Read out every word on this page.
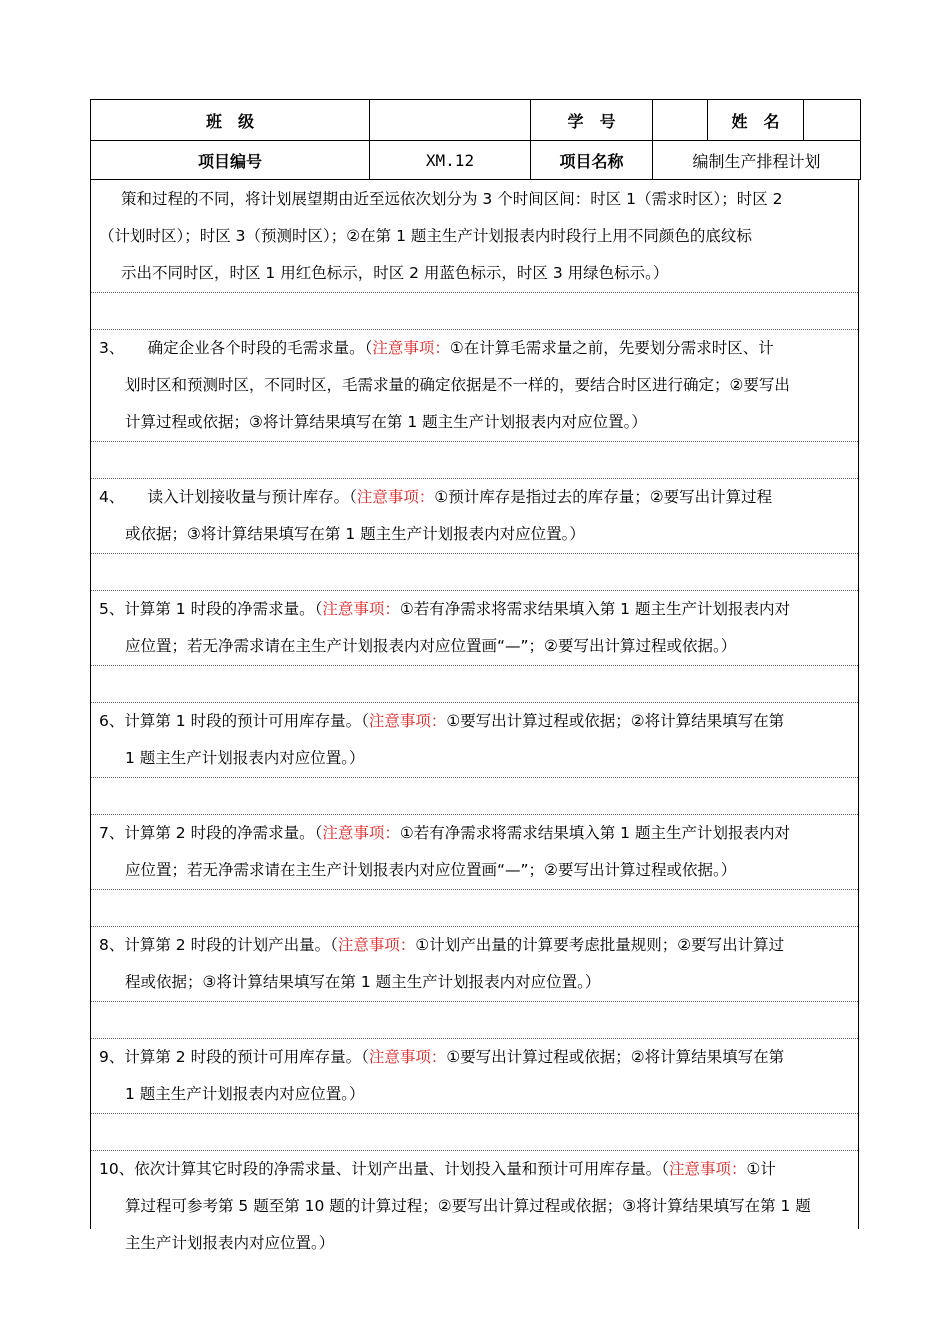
班　级		学　号		姓　名	
项目编号	XM.12	项目名称	编制生产排程计划		
策和过程的不同，将计划展望期由近至远依次划分为 3 个时间区间：时区 1（需求时区）；时区 2
（计划时区）；时区 3（预测时区）；②在第 1 题主生产计划报表内时段行上用不同颜色的底纹标
示出不同时区，时区 1 用红色标示，时区 2 用蓝色标示，时区 3 用绿色标示。）
3、　　确定企业各个时段的毛需求量。（注意事项：①在计算毛需求量之前，先要划分需求时区、计
划时区和预测时区，不同时区，毛需求量的确定依据是不一样的，要结合时区进行确定；②要写出
计算过程或依据；③将计算结果填写在第 1 题主生产计划报表内对应位置。）
4、　　读入计划接收量与预计库存。（注意事项：①预计库存是指过去的库存量；②要写出计算过程
或依据；③将计算结果填写在第 1 题主生产计划报表内对应位置。）
5、计算第 1 时段的净需求量。（注意事项：①若有净需求将需求结果填入第 1 题主生产计划报表内对
应位置；若无净需求请在主生产计划报表内对应位置画“—”；②要写出计算过程或依据。）
6、计算第 1 时段的预计可用库存量。（注意事项：①要写出计算过程或依据；②将计算结果填写在第
1 题主生产计划报表内对应位置。）
7、计算第 2 时段的净需求量。（注意事项：①若有净需求将需求结果填入第 1 题主生产计划报表内对
应位置；若无净需求请在主生产计划报表内对应位置画“—”；②要写出计算过程或依据。）
8、计算第 2 时段的计划产出量。（注意事项：①计划产出量的计算要考虑批量规则；②要写出计算过
程或依据；③将计算结果填写在第 1 题主生产计划报表内对应位置。）
9、计算第 2 时段的预计可用库存量。（注意事项：①要写出计算过程或依据；②将计算结果填写在第
1 题主生产计划报表内对应位置。）
10、依次计算其它时段的净需求量、计划产出量、计划投入量和预计可用库存量。（注意事项：①计
算过程可参考第 5 题至第 10 题的计算过程；②要写出计算过程或依据；③将计算结果填写在第 1 题
主生产计划报表内对应位置。）
